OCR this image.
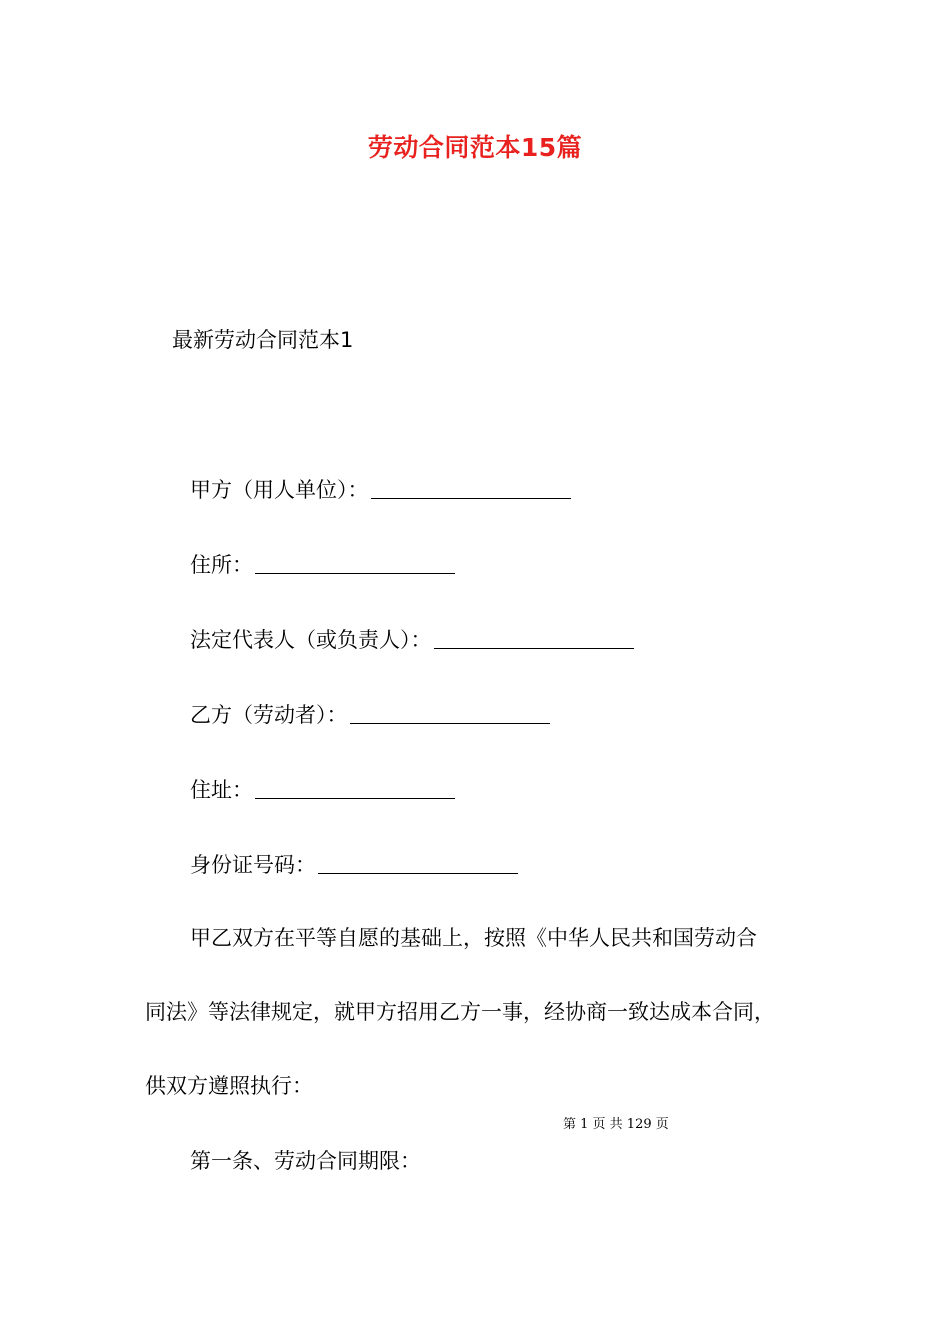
劳动合同范本15篇
最新劳动合同范本1
甲方（用人单位）：
住所：
法定代表人（或负责人）：
乙方（劳动者）：
住址：
身份证号码：
甲乙双方在平等自愿的基础上，按照《中华人民共和国劳动合
同法》等法律规定，就甲方招用乙方一事，经协商一致达成本合同，
供双方遵照执行：
第 1 页 共 129 页
第一条、劳动合同期限：
